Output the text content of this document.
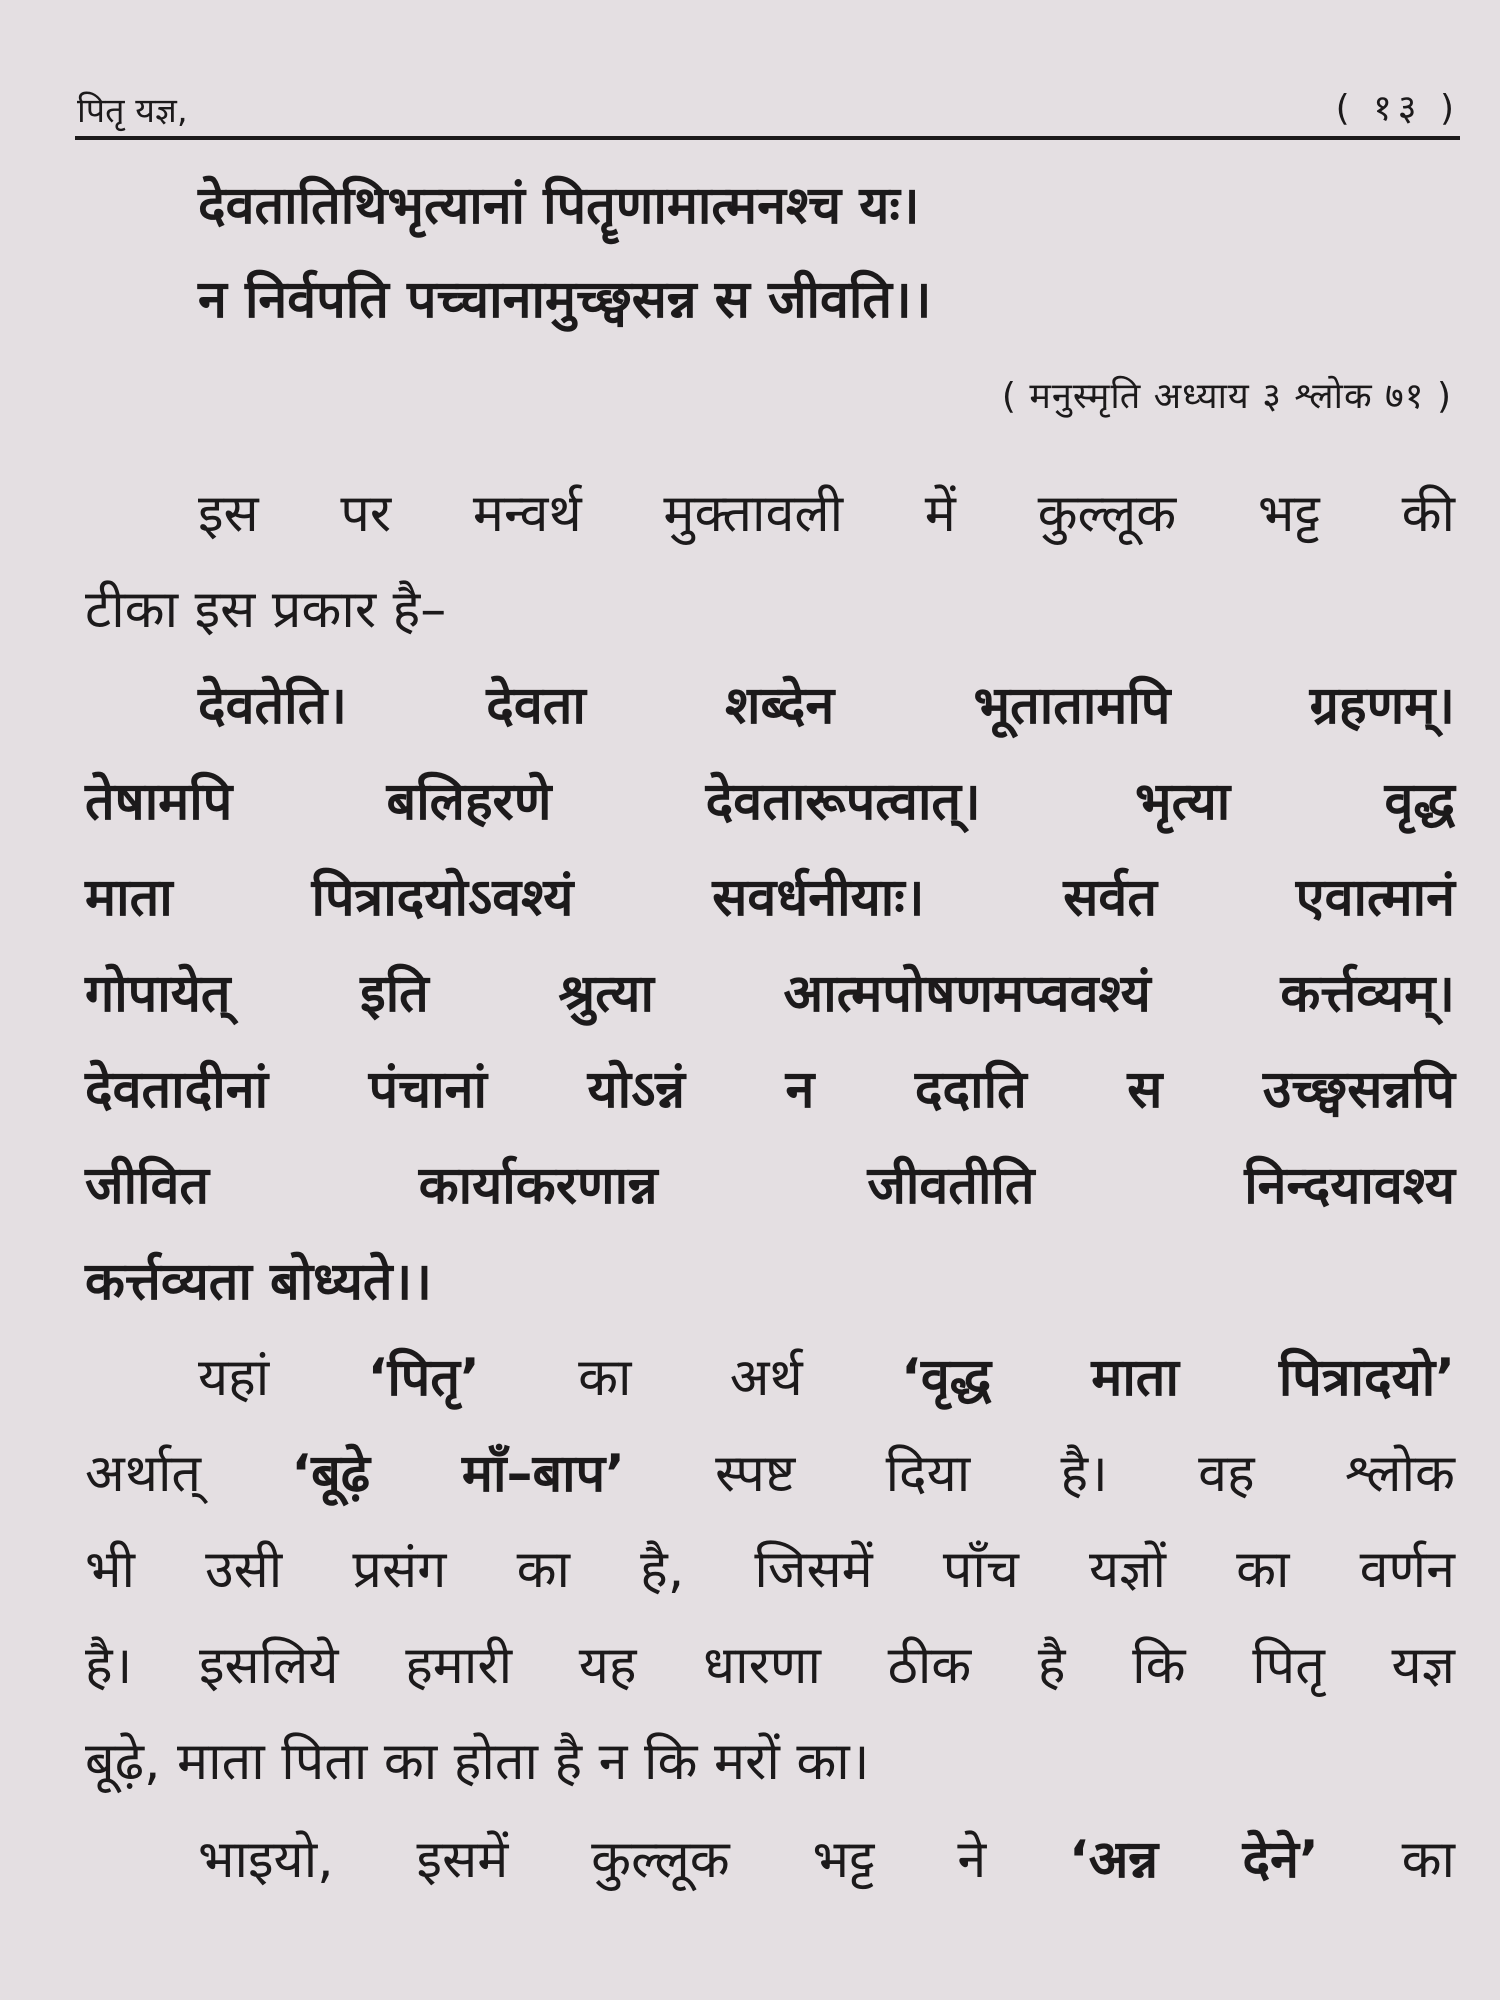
पितृ यज्ञ,	( १३ )
देवतातिथिभृत्यानां पितॄणामात्मनश्च यः।
न निर्वपति पच्चानामुच्छ्वसन्न स जीवति।।
( मनुस्मृति अध्याय ३ श्लोक ७१ )
इस पर मन्वर्थ मुक्तावली में कुल्लूक भट्ट की
टीका इस प्रकार है–
देवतेति। देवता शब्देन भूतातामपि ग्रहणम्।
तेषामपि बलिहरणे देवतारूपत्वात्। भृत्या वृद्ध
माता पित्रादयोऽवश्यं सवर्धनीयाः। सर्वत एवात्मानं
गोपायेत् इति श्रुत्या आत्मपोषणमप्ववश्यं कर्त्तव्यम्।
देवतादीनां पंचानां योऽन्नं न ददाति स उच्छ्वसन्नपि
जीवित कार्याकरणान्न जीवतीति निन्दयावश्य
कर्त्तव्यता बोध्यते।।
यहां ‘पितृ’ का अर्थ ‘वृद्ध माता पित्रादयो’
अर्थात् ‘बूढ़े माँ–बाप’ स्पष्ट दिया है। वह श्लोक
भी उसी प्रसंग का है, जिसमें पाँच यज्ञों का वर्णन
है। इसलिये हमारी यह धारणा ठीक है कि पितृ यज्ञ
बूढ़े, माता पिता का होता है न कि मरों का।
भाइयो, इसमें कुल्लूक भट्ट ने ‘अन्न देने’ का
